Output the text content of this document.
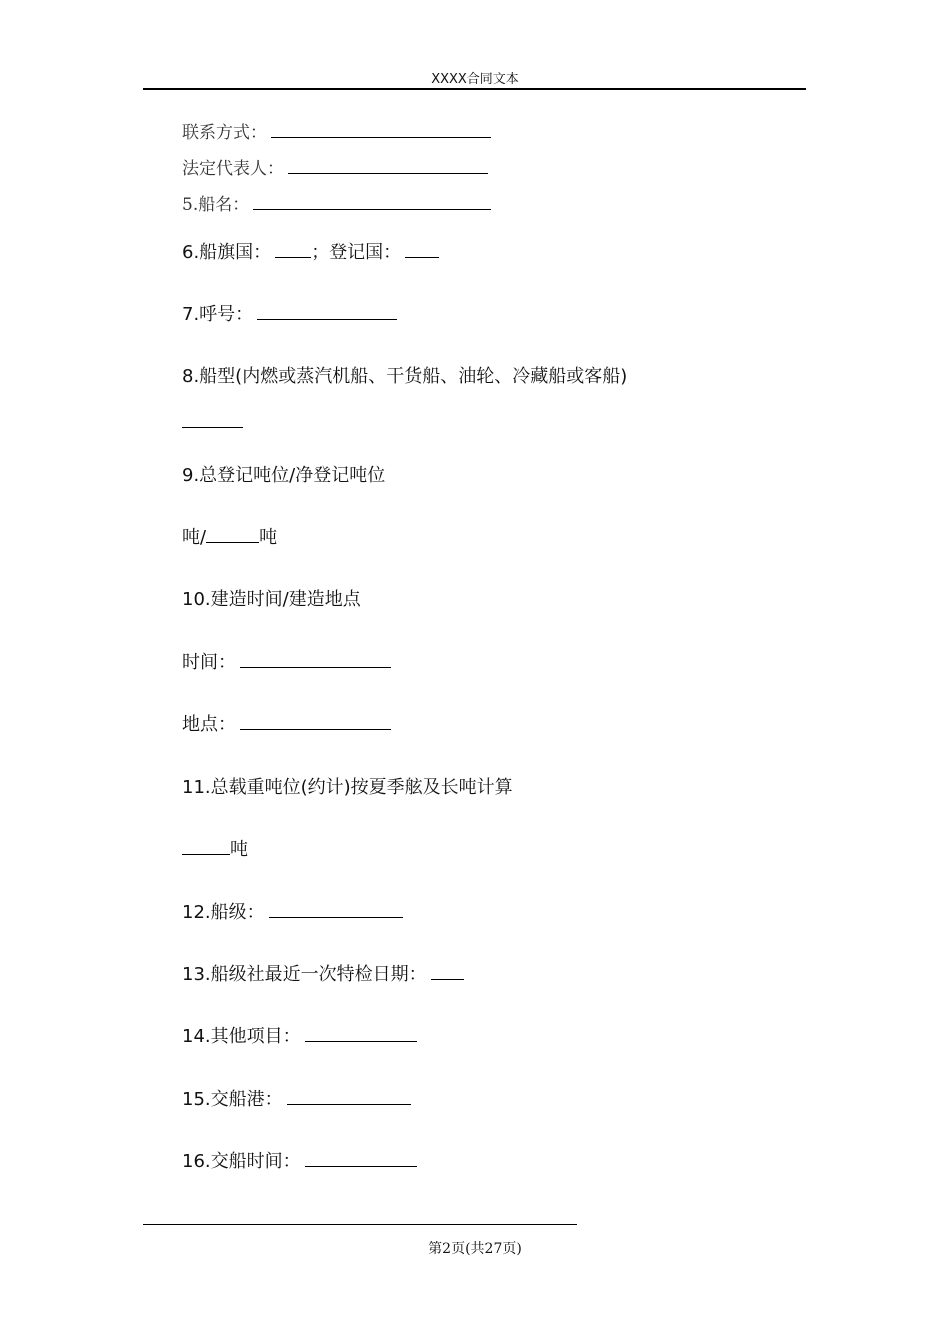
XXXX合同文本
联系方式：
法定代表人：
5.船名：
6.船旗国： ；登记国：
7.呼号：
8.船型(内燃或蒸汽机船、干货船、油轮、冷藏船或客船)
9.总登记吨位/净登记吨位
吨/	吨
10.建造时间/建造地点
时间：
地点：
11.总载重吨位(约计)按夏季舷及长吨计算
吨
12.船级：
13.船级社最近一次特检日期：
14.其他项目：
15.交船港：
16.交船时间：
第2页(共27页)
